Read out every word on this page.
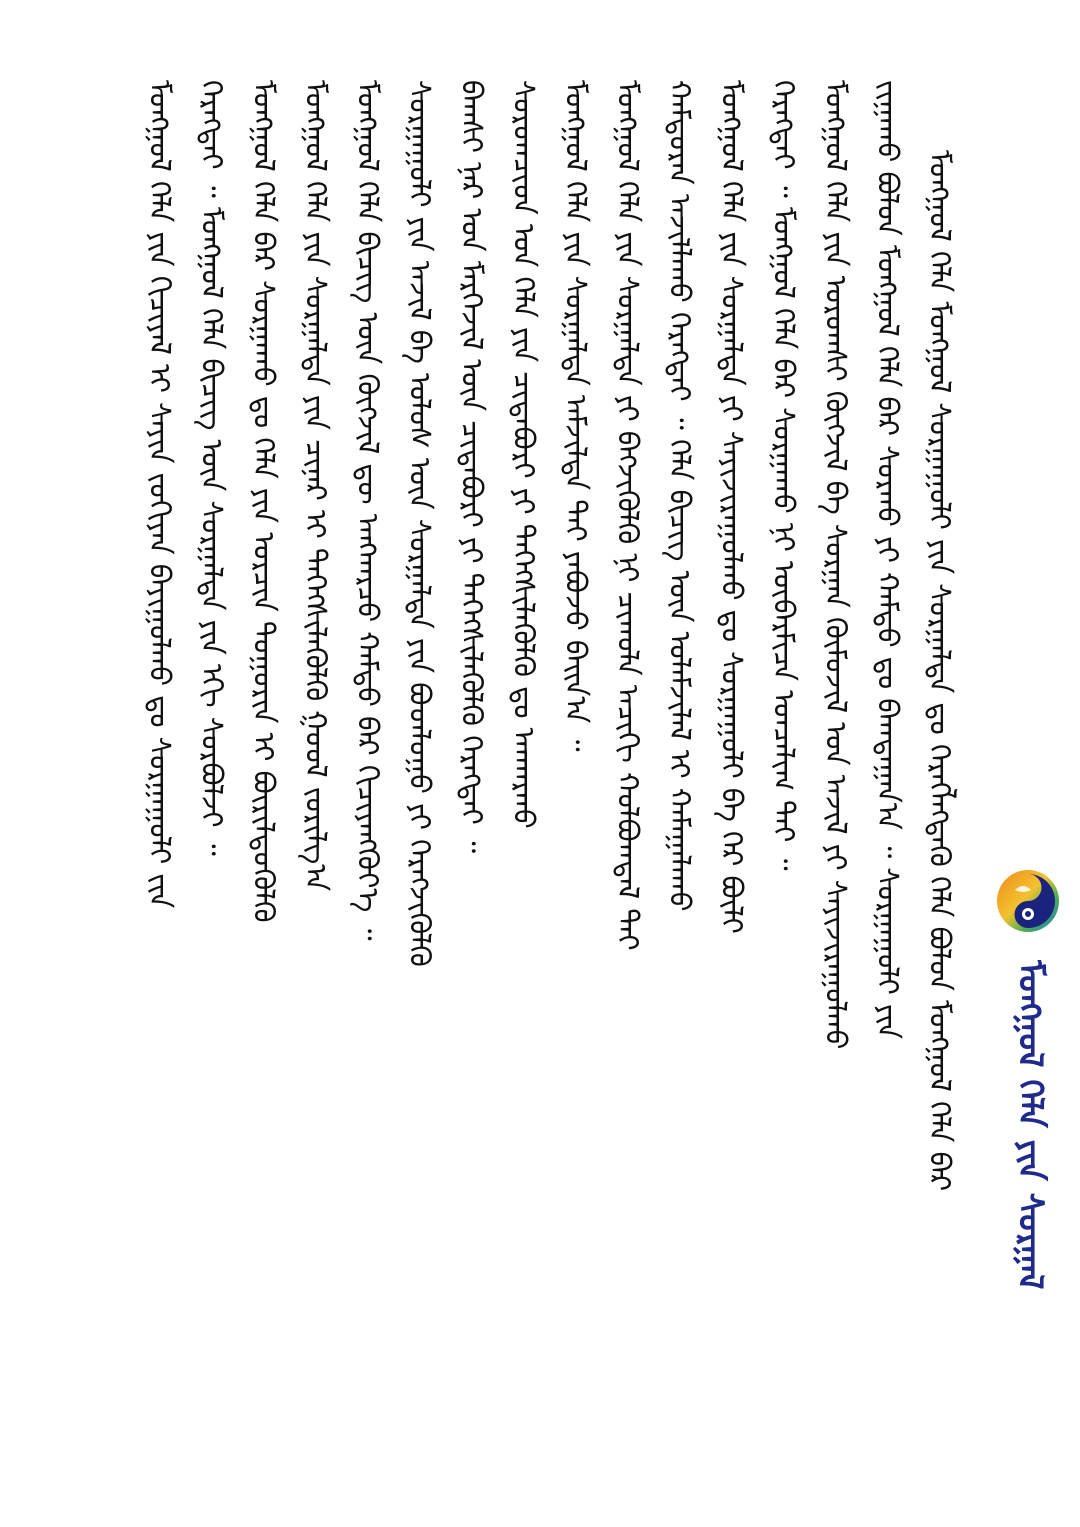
ᠮᠣᠩᠭᠣᠯ ᠬᠡᠯᠡ ᠶᠢᠨ ᠰᠤᠷᠭᠠᠯ
ᠮᠣᠩᠭᠣᠯ ᠬᠡᠯᠡ ᠮᠣᠩᠭᠣᠯ ᠰᠤᠷᠭᠠᠭᠤᠯᠢ ᠶᠢᠨ ᠰᠤᠷᠭᠠᠯᠲᠠ ᠳᠤ ᠬᠡᠷᠡᠭᠯᠡᠭᠳᠡᠬᠦ ᠬᠡᠯᠡ ᠪᠣᠯᠤᠨ ᠮᠣᠩᠭᠣᠯ ᠬᠡᠯᠡ ᠪᠡᠷ
ᠵᠢᠭᠠᠬᠤ ᠪᠣᠯᠤᠨ ᠮᠣᠩᠭᠣᠯ ᠬᠡᠯᠡ ᠪᠡᠷ ᠰᠤᠷᠬᠤ ᠶᠢ ᠬᠠᠮᠲᠤ ᠳᠤ ᠪᠠᠭᠲᠠᠭᠠᠨ᠎ᠠ ᠃ ᠰᠤᠷᠭᠠᠭᠤᠯᠢ ᠶᠢᠨ
ᠮᠣᠩᠭᠣᠯ ᠬᠡᠯᠡ ᠶᠢᠨ ᠤᠷᠤᠭᠰᠢ ᠬᠥᠭᠵᠢᠯ ᠪᠠ ᠰᠤᠷᠭᠠᠨ ᠬᠥᠮᠦᠵᠢᠯ ᠤᠨ ᠠᠵᠢᠯ ᠶᠢ ᠰᠠᠶᠢᠵᠢᠷᠠᠭᠤᠯᠬᠤ
ᠬᠡᠷᠡᠭᠲᠡᠢ ᠃ ᠮᠣᠩᠭᠣᠯ ᠬᠡᠯᠡ ᠪᠡᠷ ᠰᠤᠷᠭᠠᠬᠤ ᠨᠢ ᠥᠪᠡᠷᠮᠢᠴᠡ ᠣᠨᠴᠠᠯᠢᠭ ᠲᠠᠢ ᠃
ᠮᠣᠩᠭᠣᠯ ᠬᠡᠯᠡ ᠶᠢᠨ ᠰᠤᠷᠭᠠᠯᠲᠠ ᠶᠢ ᠰᠠᠶᠢᠵᠢᠷᠠᠭᠤᠯᠬᠤ ᠳᠤ ᠰᠤᠷᠭᠠᠭᠤᠯᠢ ᠪᠠ ᠭᠡᠷ ᠪᠦᠯᠢ
ᠬᠠᠮᠲᠤᠷᠠᠨ ᠠᠵᠢᠯᠯᠠᠬᠤ ᠬᠡᠷᠡᠭᠲᠡᠢ ᠃ ᠬᠡᠯᠡ ᠪᠢᠴᠢᠭ ᠦᠨ ᠤᠯᠠᠮᠵᠢᠯᠠᠯ ᠢ ᠬᠠᠮᠠᠭᠠᠯᠠᠬᠤ
ᠮᠣᠩᠭᠣᠯ ᠬᠡᠯᠡ ᠶᠢᠨ ᠰᠤᠷᠭᠠᠯᠲᠠ ᠶᠢ ᠪᠡᠬᠵᠢᠭᠦᠯᠬᠦ ᠨᠢ ᠴᠢᠬᠤᠯᠠ ᠠᠴᠢᠬᠢ ᠬᠣᠯᠪᠣᠭᠳᠠᠯ ᠲᠠᠢ
ᠮᠣᠩᠭᠣᠯ ᠬᠡᠯᠡ ᠶᠢᠨ ᠰᠤᠷᠭᠠᠯᠲᠠ ᠠᠮᠵᠢᠯᠲᠠ ᠲᠠᠢ ᠶᠠᠪᠤᠵᠤ ᠪᠠᠢᠨ᠎ᠠ ᠃
ᠰᠤᠷᠤᠭᠴᠢᠳ ᠤᠨ ᠬᠡᠯᠡ ᠶᠢᠨ ᠴᠢᠳᠠᠪᠤᠷᠢ ᠶᠢ ᠳᠡᠭᠡᠭᠰᠢᠯᠡᠭᠦᠯᠬᠦ ᠳᠤ ᠠᠨᠬᠠᠷᠬᠤ
ᠪᠠᠭᠰᠢ ᠨᠠᠷ ᠤᠨ ᠮᠡᠷᠭᠡᠵᠢᠯ ᠦᠨ ᠴᠢᠳᠠᠪᠤᠷᠢ ᠶᠢ ᠳᠡᠭᠡᠭᠰᠢᠯᠡᠭᠦᠯᠬᠦ ᠬᠡᠷᠡᠭᠲᠡᠢ ᠃
ᠰᠤᠷᠭᠠᠭᠤᠯᠢ ᠶᠢᠨ ᠠᠵᠢᠯ ᠪᠠ ᠤᠯᠤᠰ ᠦᠨ ᠰᠤᠷᠭᠠᠯᠲᠠ ᠶᠢᠨ ᠪᠣᠳᠯᠣᠭᠣ ᠶᠢ ᠬᠡᠷᠡᠭᠵᠢᠭᠦᠯᠬᠦ
ᠮᠣᠩᠭᠣᠯ ᠬᠡᠯᠡ ᠪᠢᠴᠢᠭ ᠦᠨ ᠬᠥᠭᠵᠢᠯ ᠳᠦ ᠠᠩᠬᠠᠷᠴᠤ ᠬᠠᠮᠲᠤ ᠪᠡᠷ ᠬᠢᠴᠢᠶᠡᠩᠭᠦᠶ᠎ᠡ ᠃
ᠮᠣᠩᠭᠣᠯ ᠬᠡᠯᠡ ᠶᠢᠨ ᠰᠤᠷᠭᠠᠯᠲᠠ ᠶᠢᠨ ᠴᠢᠨᠠᠷ ᠢ ᠳᠡᠭᠡᠭᠰᠢᠯᠡᠭᠦᠯᠬᠦ ᠭᠣᠣᠯ ᠵᠣᠷᠢᠯᠭ᠎ᠠ
ᠮᠣᠩᠭᠣᠯ ᠬᠡᠯᠡ ᠪᠡᠷ ᠰᠤᠷᠭᠠᠬᠤ ᠳᠤ ᠬᠡᠯᠡ ᠶᠢᠨ ᠣᠷᠴᠢᠨ ᠲᠣᠭᠣᠷᠢᠨ ᠢ ᠪᠦᠷᠢᠯᠳᠦᠭᠦᠯᠬᠦ
ᠬᠡᠷᠡᠭᠲᠡᠢ ᠃ ᠮᠣᠩᠭᠣᠯ ᠬᠡᠯᠡ ᠪᠢᠴᠢᠭ ᠦᠨ ᠰᠤᠷᠭᠠᠯᠲᠠ ᠶᠢᠨ ᠡᠬᠢ ᠰᠤᠷᠪᠤᠯᠵᠢ ᠃
ᠮᠣᠩᠭᠣᠯ ᠬᠡᠯᠡ ᠶᠢᠨ ᠬᠢᠴᠢᠶᠡᠯ ᠢ ᠰᠠᠶᠢᠨ ᠵᠣᠬᠢᠶᠠᠨ ᠪᠠᠶᠢᠭᠤᠯᠬᠤ ᠳᠤ ᠰᠤᠷᠭᠠᠭᠤᠯᠢ ᠵᠢᠨ
